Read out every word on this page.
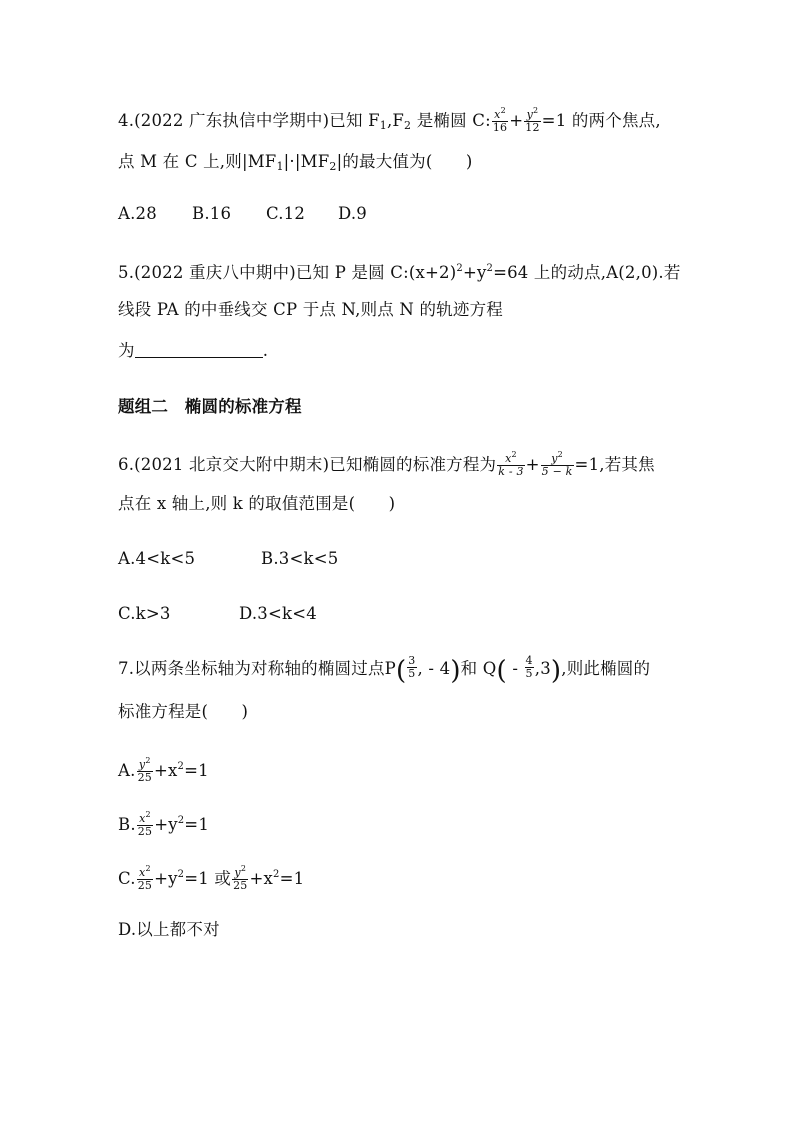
4.(2022 广东执信中学期中)已知 $F_1,F_2$ 是椭圆 C: $\frac{x^2}{16} + \frac{y^2}{12} =1$ 的两个焦点,
点 M 在 C 上,则$|MF_1|\cdot|MF_2|$的最大值为(　　)
A.28 B.16 C.12 D.9
5.(2022 重庆八中期中)已知 P 是圆 $C:(x+2)^2+y^2=64$ 上的动点,A(2,0).若
线段 PA 的中垂线交 CP 于点 N,则点 N 的轨迹方程
为	.
题组二　椭圆的标准方程
6.(2021 北京交大附中期末)已知椭圆的标准方程为 $\frac{x^2}{k - 3} + \frac{y^2}{5 - k} =1$,若其焦
点在 x 轴上,则 k 的取值范围是(　　)
A.4<k<5	B.3<k<5
C.k>3	D.3<k<4
7.以两条坐标轴为对称轴的椭圆过点$P( \frac{3}{5}$ , - 4)和 $Q( - \frac{4}{5} ,3)$,则此椭圆的
标准方程是(　　)
A. $\frac{y^2}{25} +x^2=1$
B. $\frac{x^2}{25} +y^2=1$
C. $\frac{x^2}{25} +y^2=1$ 或 $\frac{y^2}{25} +x^2=1$
D.以上都不对
